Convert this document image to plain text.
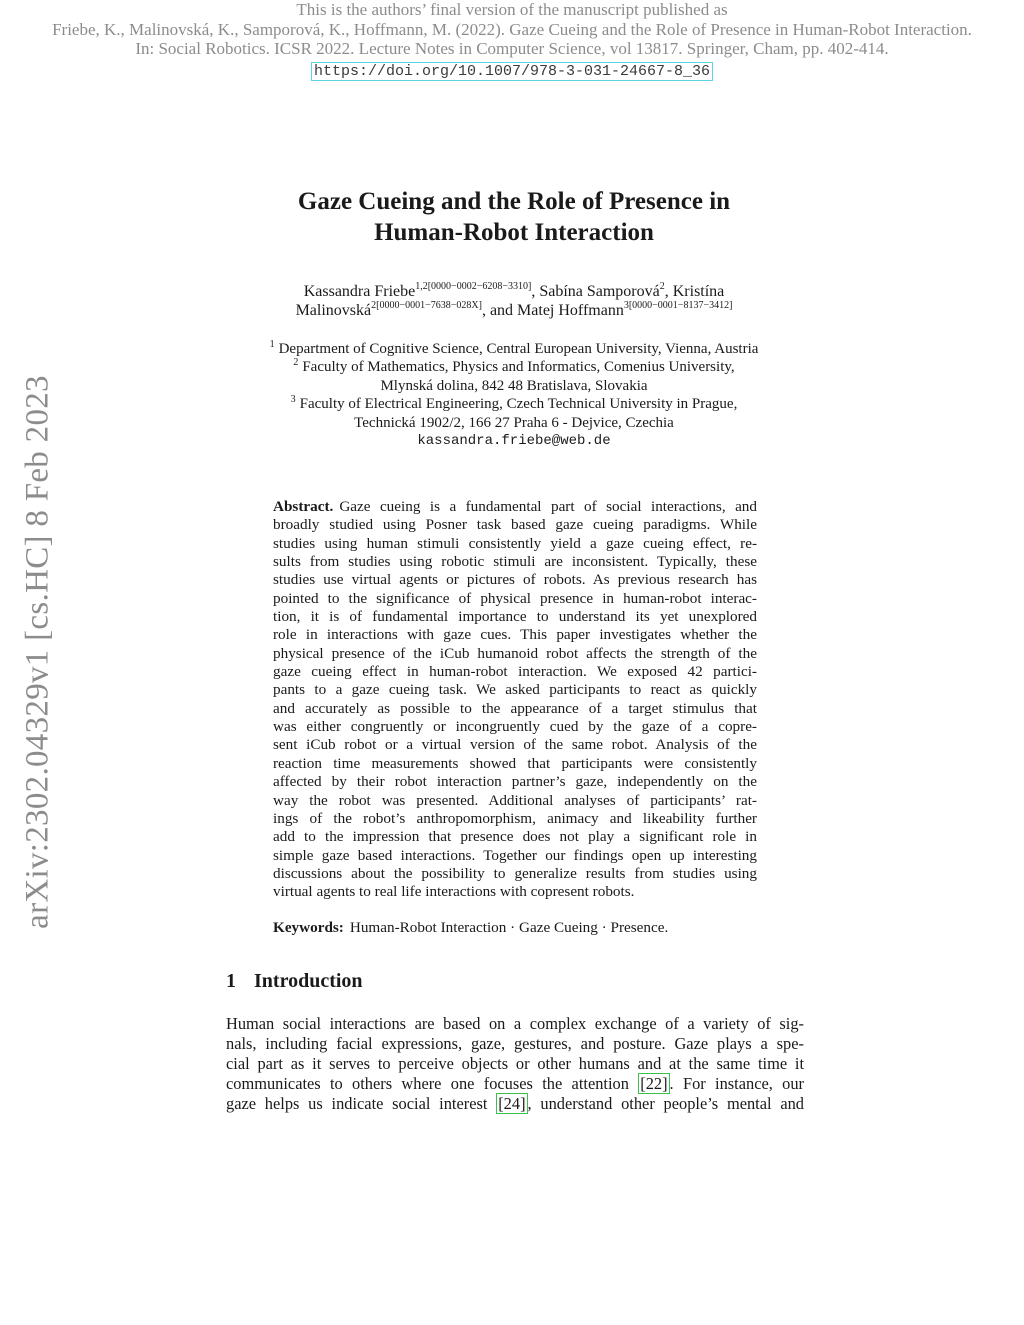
This is the authors’ final version of the manuscript published as
Friebe, K., Malinovská, K., Samporová, K., Hoffmann, M. (2022). Gaze Cueing and the Role of Presence in Human-Robot Interaction.
In: Social Robotics. ICSR 2022. Lecture Notes in Computer Science, vol 13817. Springer, Cham, pp. 402-414.
https://doi.org/10.1007/978-3-031-24667-8_36
arXiv:2302.04329v1 [cs.HC] 8 Feb 2023
Gaze Cueing and the Role of Presence in
Human-Robot Interaction
Kassandra Friebe$^{1,2[0000-0002-6208-3310]}$, Sabína Samporová$^2$, Kristína
Malinovská$^{2[0000-0001-7638-028X]}$, and Matej Hoffmann$^{3[0000-0001-8137-3412]}$
$^1$ Department of Cognitive Science, Central European University, Vienna, Austria
$^2$ Faculty of Mathematics, Physics and Informatics, Comenius University,
Mlynská dolina, 842 48 Bratislava, Slovakia
$^3$ Faculty of Electrical Engineering, Czech Technical University in Prague,
Technická 1902/2, 166 27 Praha 6 - Dejvice, Czechia
kassandra.friebe@web.de
Abstract. Gaze cueing is a fundamental part of social interactions, and
broadly studied using Posner task based gaze cueing paradigms. While
studies using human stimuli consistently yield a gaze cueing effect, re-
sults from studies using robotic stimuli are inconsistent. Typically, these
studies use virtual agents or pictures of robots. As previous research has
pointed to the significance of physical presence in human-robot interac-
tion, it is of fundamental importance to understand its yet unexplored
role in interactions with gaze cues. This paper investigates whether the
physical presence of the iCub humanoid robot affects the strength of the
gaze cueing effect in human-robot interaction. We exposed 42 partici-
pants to a gaze cueing task. We asked participants to react as quickly
and accurately as possible to the appearance of a target stimulus that
was either congruently or incongruently cued by the gaze of a copre-
sent iCub robot or a virtual version of the same robot. Analysis of the
reaction time measurements showed that participants were consistently
affected by their robot interaction partner’s gaze, independently on the
way the robot was presented. Additional analyses of participants’ rat-
ings of the robot’s anthropomorphism, animacy and likeability further
add to the impression that presence does not play a significant role in
simple gaze based interactions. Together our findings open up interesting
discussions about the possibility to generalize results from studies using
virtual agents to real life interactions with copresent robots.
Keywords: Human-Robot Interaction · Gaze Cueing · Presence.
1 Introduction
Human social interactions are based on a complex exchange of a variety of sig-
nals, including facial expressions, gaze, gestures, and posture. Gaze plays a spe-
cial part as it serves to perceive objects or other humans and at the same time it
communicates to others where one focuses the attention [22] . For instance, our
gaze helps us indicate social interest [24] , understand other people’s mental and
